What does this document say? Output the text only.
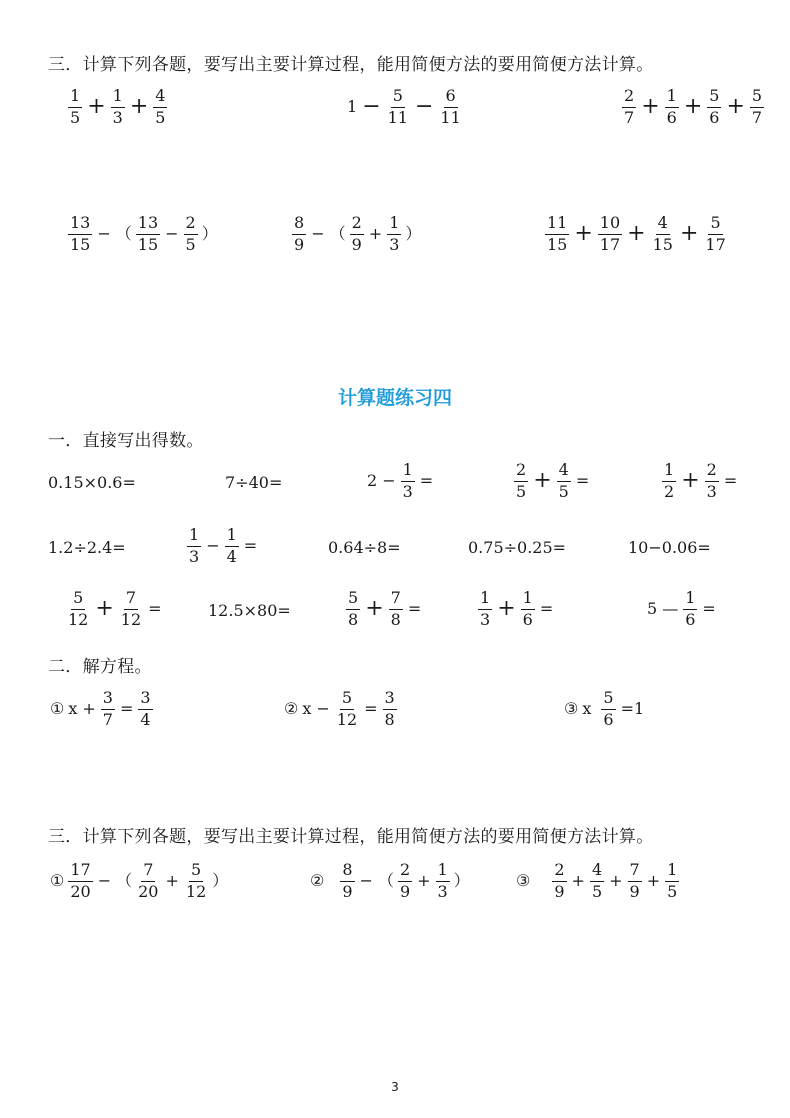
三．计算下列各题，要写出主要计算过程，能用简便方法的要用简便方法计算。
$\frac{1}{5} + \frac{1}{3} + \frac{4}{5}$	$1 - \frac{5}{11} - \frac{6}{11}$	$\frac{2}{7} + \frac{1}{6} + \frac{5}{6} + \frac{5}{7}$
$\frac{13}{15}$ − （ $\frac{13}{15} - \frac{2}{5}$ ）	$\frac{8}{9}$ − （ $\frac{2}{9} + \frac{1}{3}$ ）	$\frac{11}{15} + \frac{10}{17} + \frac{4}{15} + \frac{5}{17}$
计算题练习四
一．直接写出得数。
0.15×0.6=	7÷40=	$2 - \frac{1}{3}$ =	$\frac{2}{5} + \frac{4}{5}$ =	$\frac{1}{2} + \frac{2}{3}$ =
1.2÷2.4=	$\frac{1}{3} - \frac{1}{4}$ =	0.64÷8=	0.75÷0.25=	10−0.06=
$\frac{5}{12} + \frac{7}{12}$ =	12.5×80=	$\frac{5}{8} + \frac{7}{8}$ =	$\frac{1}{3} + \frac{1}{6}$ =	5 — $\frac{1}{6}$ =
二．解方程。
① $x + \frac{3}{7} = \frac{3}{4}$	② $x - \frac{5}{12} = \frac{3}{8}$	③ x $\frac{5}{6} =1$
三．计算下列各题，要写出主要计算过程，能用简便方法的要用简便方法计算。
① $\frac{17}{20}$ − （ $\frac{7}{20} + \frac{5}{12}$ ）	② $\frac{8}{9}$ − （ $\frac{2}{9} + \frac{1}{3}$ ）	③ $\frac{2}{9} + \frac{4}{5} + \frac{7}{9} + \frac{1}{5}$
3
